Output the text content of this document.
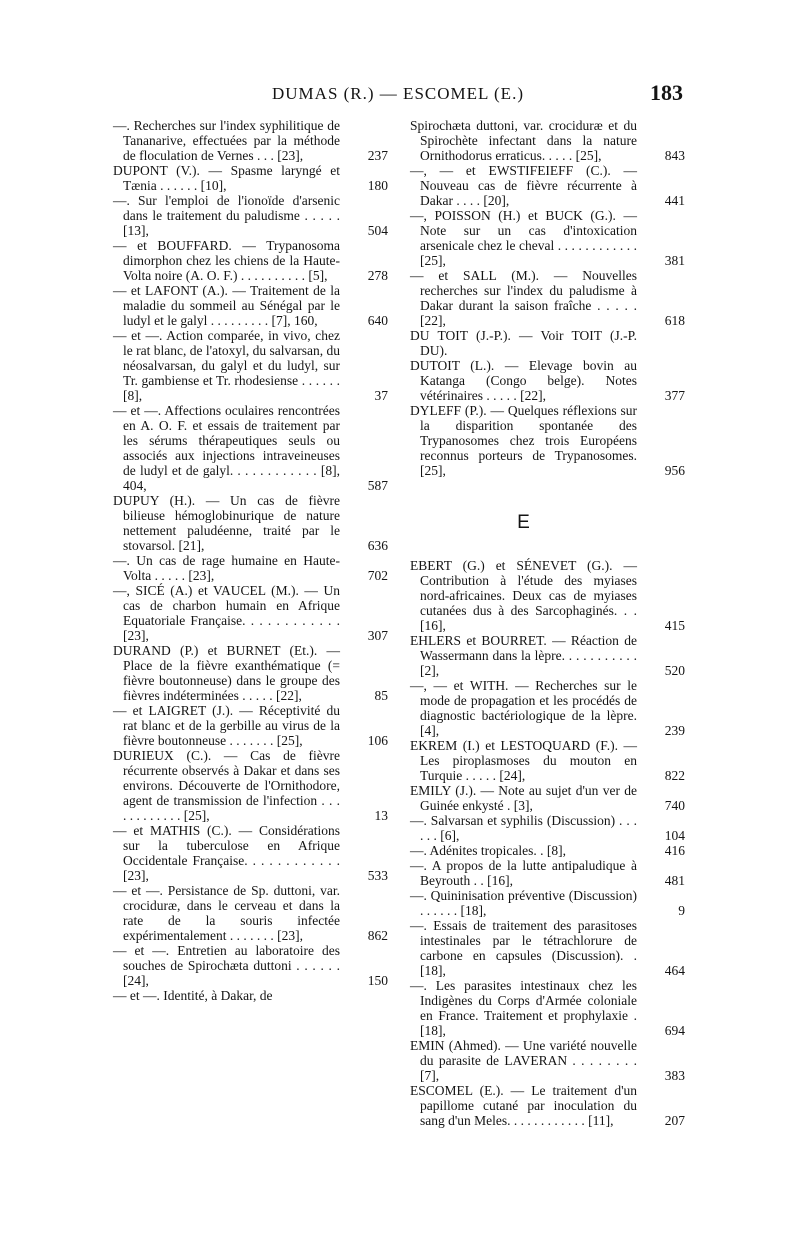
DUMAS (R.) — ESCOMEL (E.)	183
—. Recherches sur l'index syphilitique de Tananarive, effectuées par la méthode de floculation de Vernes . . . [23],	237
DUPONT (V.). — Spasme laryngé et Tænia . . . . . . [10],	180
—. Sur l'emploi de l'ionoïde d'arsenic dans le traitement du paludisme . . . . . [13],	504
— et BOUFFARD. — Trypanosoma dimorphon chez les chiens de la Haute-Volta noire (A. O. F.) . . . . . . . . . . [5],	278
— et LAFONT (A.). — Traitement de la maladie du sommeil au Sénégal par le ludyl et le galyl . . . . . . . . . [7], 160,	640
— et —. Action comparée, in vivo, chez le rat blanc, de l'atoxyl, du salvarsan, du néosalvarsan, du galyl et du ludyl, sur Tr. gambiense et Tr. rhodesiense . . . . . . [8],	37
— et —. Affections oculaires rencontrées en A. O. F. et essais de traitement par les sérums thérapeutiques seuls ou associés aux injections intraveineuses de ludyl et de galyl. . . . . . . . . . . . [8], 404,	587
DUPUY (H.). — Un cas de fièvre bilieuse hémoglobinurique de nature nettement paludéenne, traité par le stovarsol. [21],	636
—. Un cas de rage humaine en Haute-Volta . . . . . [23],	702
—, SICÉ (A.) et VAUCEL (M.). — Un cas de charbon humain en Afrique Equatoriale Française. . . . . . . . . . . . [23],	307
DURAND (P.) et BURNET (Et.). — Place de la fièvre exanthématique (= fièvre boutonneuse) dans le groupe des fièvres indéterminées . . . . . [22],	85
— et LAIGRET (J.). — Réceptivité du rat blanc et de la gerbille au virus de la fièvre boutonneuse . . . . . . . [25],	106
DURIEUX (C.). — Cas de fièvre récurrente observés à Dakar et dans ses environs. Découverte de l'Ornithodore, agent de transmission de l'infection . . . . . . . . . . . . [25],	13
— et MATHIS (C.). — Considérations sur la tuberculose en Afrique Occidentale Française. . . . . . . . . . . . [23],	533
— et —. Persistance de Sp. duttoni, var. crociduræ, dans le cerveau et dans la rate de la souris infectée expérimentalement . . . . . . . [23],	862
— et —. Entretien au laboratoire des souches de Spirochæta duttoni . . . . . . [24],	150
— et —. Identité, à Dakar, de
Spirochæta duttoni, var. crociduræ et du Spirochète infectant dans la nature Ornithodorus erraticus. . . . . [25],	843
—, — et EWSTIFEIEFF (C.). — Nouveau cas de fièvre récurrente à Dakar . . . . [20],	441
—, POISSON (H.) et BUCK (G.). — Note sur un cas d'intoxication arsenicale chez le cheval . . . . . . . . . . . . [25],	381
— et SALL (M.). — Nouvelles recherches sur l'index du paludisme à Dakar durant la saison fraîche . . . . . [22],	618
DU TOIT (J.-P.). — Voir TOIT (J.-P. DU).
DUTOIT (L.). — Elevage bovin au Katanga (Congo belge). Notes vétérinaires . . . . . [22],	377
DYLEFF (P.). — Quelques réflexions sur la disparition spontanée des Trypanosomes chez trois Européens reconnus porteurs de Trypanosomes. [25],	956
E
EBERT (G.) et SÉNEVET (G.). — Contribution à l'étude des myiases nord-africaines. Deux cas de myiases cutanées dus à des Sarcophaginés. . . [16],	415
EHLERS et BOURRET. — Réaction de Wassermann dans la lèpre. . . . . . . . . . . [2],	520
—, — et WITH. — Recherches sur le mode de propagation et les procédés de diagnostic bactériologique de la lèpre. [4],	239
EKREM (I.) et LESTOQUARD (F.). — Les piroplasmoses du mouton en Turquie . . . . . [24],	822
EMILY (J.). — Note au sujet d'un ver de Guinée enkysté . [3],	740
—. Salvarsan et syphilis (Discussion) . . . . . . [6],	104
—. Adénites tropicales. . [8],	416
—. A propos de la lutte antipaludique à Beyrouth . . [16],	481
—. Quininisation préventive (Discussion) . . . . . . [18],	9
—. Essais de traitement des parasitoses intestinales par le tétrachlorure de carbone en capsules (Discussion). . [18],	464
—. Les parasites intestinaux chez les Indigènes du Corps d'Armée coloniale en France. Traitement et prophylaxie . [18],	694
EMIN (Ahmed). — Une variété nouvelle du parasite de LAVERAN . . . . . . . . [7],	383
ESCOMEL (E.). — Le traitement d'un papillome cutané par inoculation du sang d'un Meles. . . . . . . . . . . . [11],	207
